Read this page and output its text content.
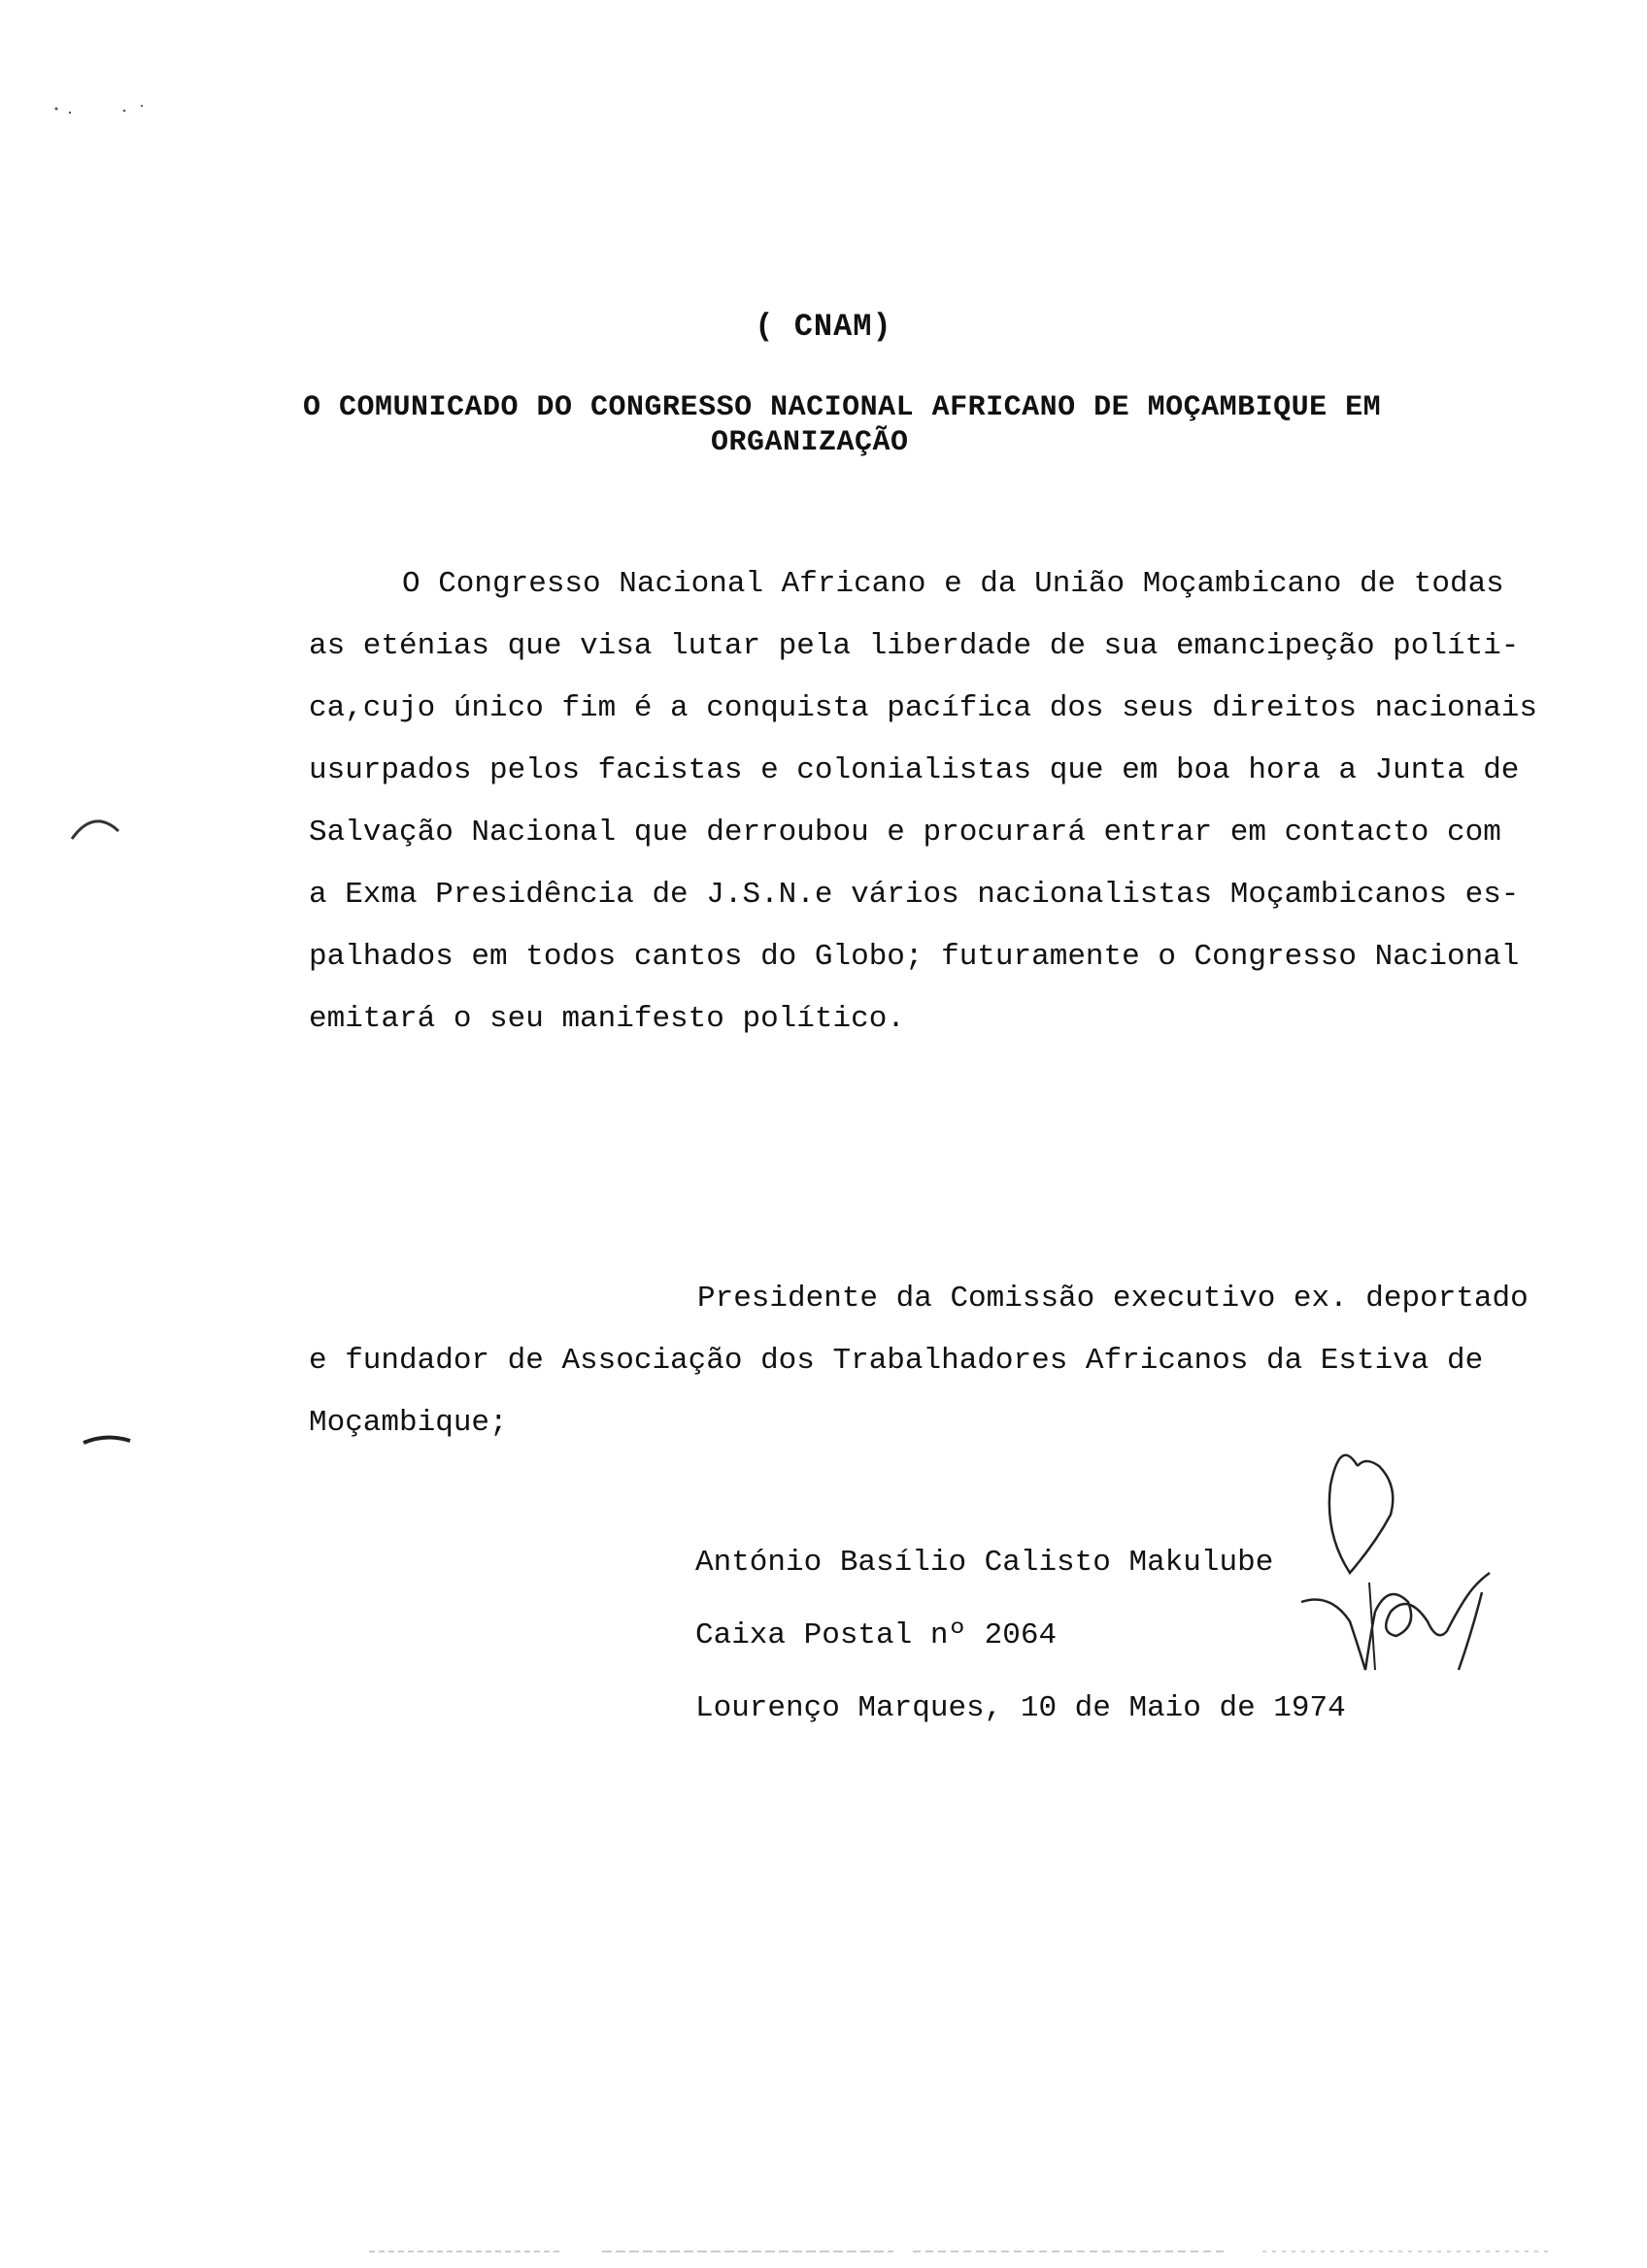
( CNAM)
O COMUNICADO DO CONGRESSO NACIONAL AFRICANO DE MOÇAMBIQUE EM
ORGANIZAÇÃO
O Congresso Nacional Africano e da União Moçambicano de todas
as eténias que visa lutar pela liberdade de sua emancipeção políti-
ca,cujo único fim é a conquista pacífica dos seus direitos nacionais
usurpados pelos facistas e colonialistas que em boa hora a Junta de
Salvação Nacional que derroubou e procurará entrar em contacto com
a Exma Presidência de J.S.N.e vários nacionalistas Moçambicanos es-
palhados em todos cantos do Globo; futuramente o Congresso Nacional
emitará o seu manifesto político.
Presidente da Comissão executivo ex. deportado
e fundador de Associação dos Trabalhadores Africanos da Estiva de
Moçambique;
António Basílio Calisto Makulube
Caixa Postal nº 2064
Lourenço Marques, 10 de Maio de 1974
